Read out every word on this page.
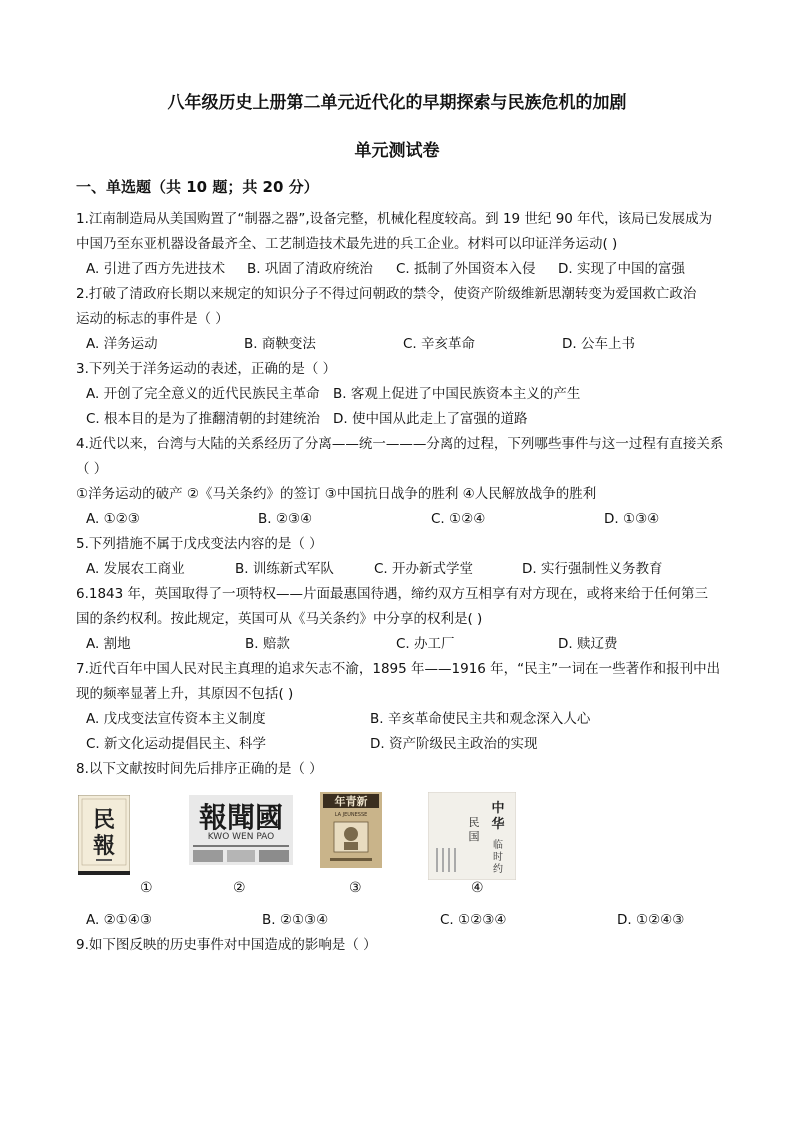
八年级历史上册第二单元近代化的早期探索与民族危机的加剧
单元测试卷
一、单选题（共 10 题；共 20 分）
1.江南制造局从美国购置了“制器之器”,设备完整，机械化程度较高。到 19 世纪 90 年代，该局已发展成为
中国乃至东亚机器设备最齐全、工艺制造技术最先进的兵工企业。材料可以印证洋务运动( )
A. 引进了西方先进技术 B. 巩固了清政府统治 C. 抵制了外国资本入侵 D. 实现了中国的富强
2.打破了清政府长期以来规定的知识分子不得过问朝政的禁令，使资产阶级维新思潮转变为爱国救亡政治
运动的标志的事件是（ ）
A. 洋务运动	B. 商鞅变法	C. 辛亥革命	D. 公车上书
3.下列关于洋务运动的表述，正确的是（ ）
A. 开创了完全意义的近代民族民主革命 B. 客观上促进了中国民族资本主义的产生
C. 根本目的是为了推翻清朝的封建统治 D. 使中国从此走上了富强的道路
4.近代以来，台湾与大陆的关系经历了分离——统一———分离的过程，下列哪些事件与这一过程有直接关系
（ ）
①洋务运动的破产 ②《马关条约》的签订 ③中国抗日战争的胜利 ④人民解放战争的胜利
A. ①②③	B. ②③④	C. ①②④	D. ①③④
5.下列措施不属于戊戌变法内容的是（ ）
A. 发展农工商业	B. 训练新式军队	C. 开办新式学堂	D. 实行强制性义务教育
6.1843 年，英国取得了一项特权——片面最惠国待遇，缔约双方互相享有对方现在，或将来给于任何第三
国的条约权利。按此规定，英国可从《马关条约》中分享的权利是( )
A. 割地	B. 赔款	C. 办工厂	D. 赎辽费
7.近代百年中国人民对民主真理的追求矢志不渝，1895 年——1916 年，“民主”一词在一些著作和报刊中出
现的频率显著上升，其原因不包括( )
A. 戊戌变法宣传资本主义制度	B. 辛亥革命使民主共和观念深入人心
C. 新文化运动提倡民主、科学	D. 资产阶级民主政治的实现
8.以下文献按时间先后排序正确的是（ ）
民
報
報聞國
KWO WEN PAO
年青新
LA JEUNESSE	中
华
民
国
临
时
约
①	②	③	④
A. ②①④③	B. ②①③④	C. ①②③④	D. ①②④③
9.如下图反映的历史事件对中国造成的影响是（ ）
